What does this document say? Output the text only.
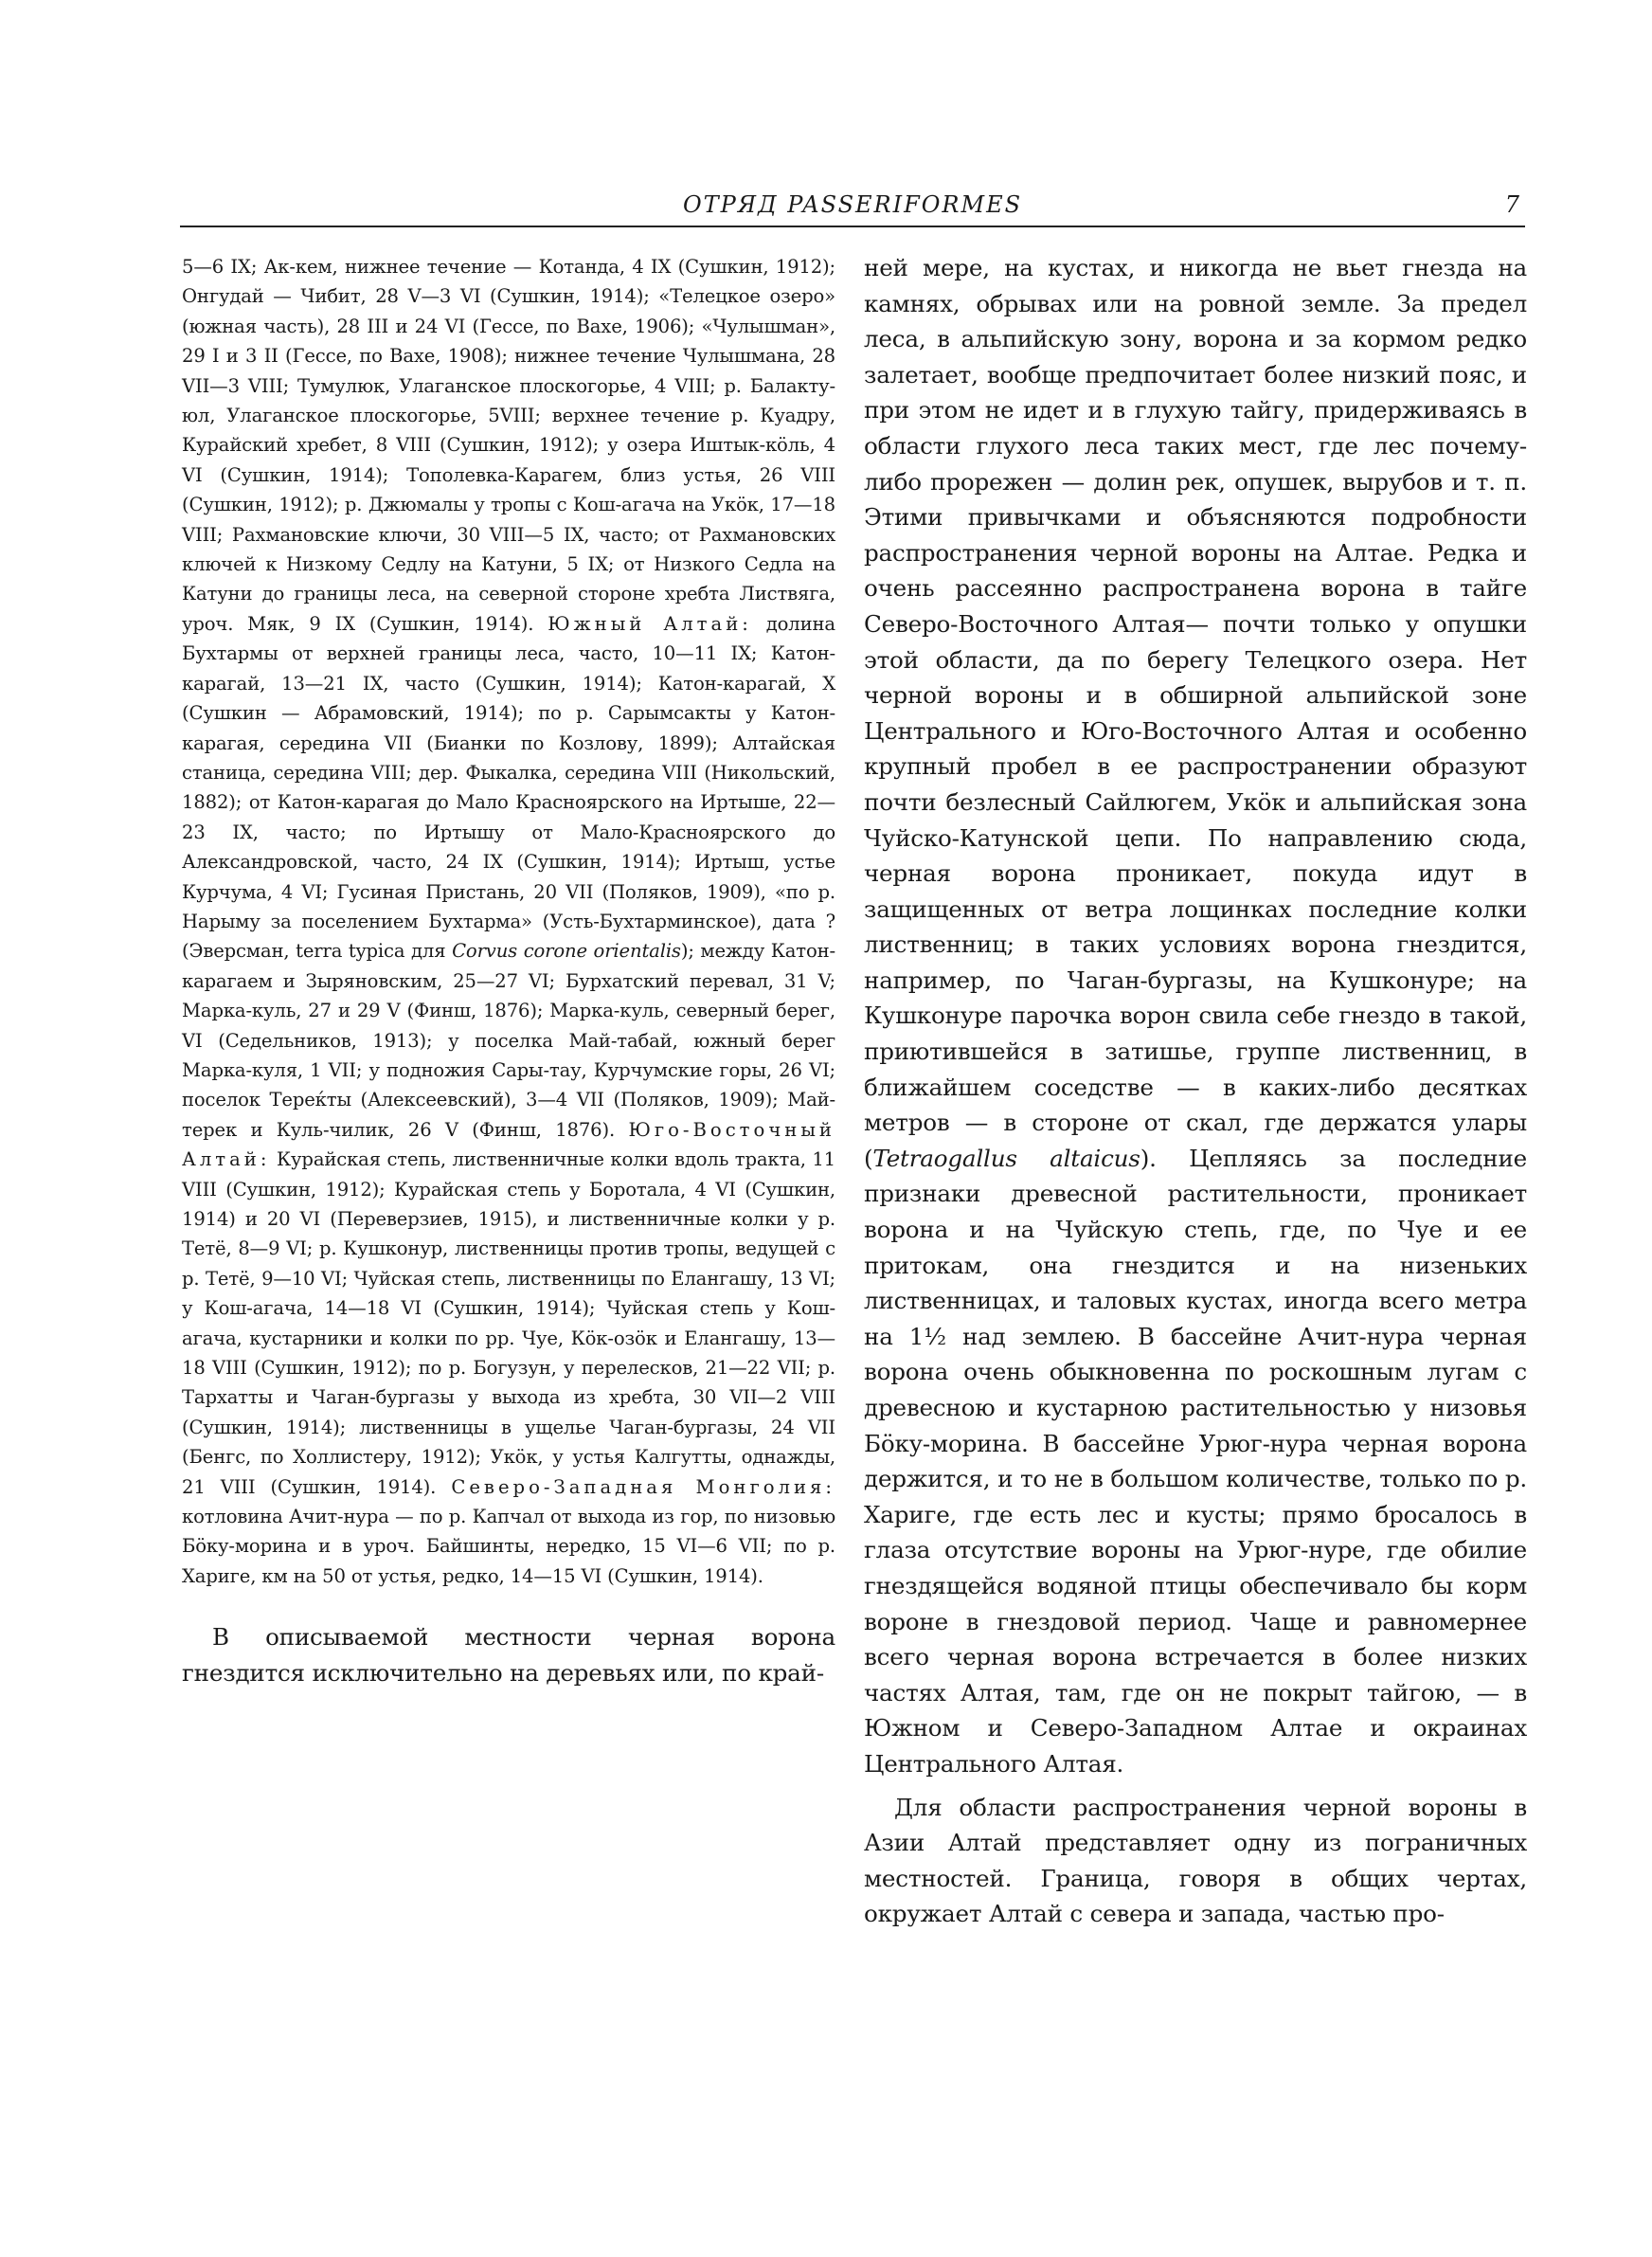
ОТРЯД PASSERIFORMES	7

5—6 IX; Ак-кем, нижнее течение — Котанда, 4 IX (Сушкин, 1912); Онгудай — Чибит, 28 V—3 VI (Сушкин, 1914); «Телецкое озеро» (южная часть), 28 III и 24 VI (Гессе, по Вахе, 1906); «Чулышман», 29 I и 3 II (Гессе, по Вахе, 1908); нижнее течение Чулышмана, 28 VII—3 VIII; Тумулюк, Улаганское плоскогорье, 4 VIII; р. Балакту-юл, Улаганское плоскогорье, 5VIII; верхнее течение р. Куадру, Курайский хребет, 8 VIII (Сушкин, 1912); у озера Иштык-кӧль, 4 VI (Сушкин, 1914); Тополевка-Карагем, близ устья, 26 VIII (Сушкин, 1912); р. Джюмалы у тропы с Кош-агача на Укӧк, 17—18 VIII; Рахмановские ключи, 30 VIII—5 IX, часто; от Рахмановских ключей к Низкому Седлу на Катуни, 5 IX; от Низкого Седла на Катуни до границы леса, на северной стороне хребта Листвяга, уроч. Мяк, 9 IX (Сушкин, 1914). Южный Алтай: долина Бухтармы от верхней границы леса, часто, 10—11 IX; Катон-карагай, 13—21 IX, часто (Сушкин, 1914); Катон-карагай, X (Сушкин — Абрамовский, 1914); по р. Сарымсакты у Катон-карагая, середина VII (Бианки по Козлову, 1899); Алтайская станица, середина VIII; дер. Фыкалка, середина VIII (Никольский, 1882); от Катон-карагая до Мало Красноярского на Иртыше, 22—23 IX, часто; по Иртышу от Мало-Красноярского до Александровской, часто, 24 IX (Сушкин, 1914); Иртыш, устье Курчума, 4 VI; Гусиная Пристань, 20 VII (Поляков, 1909), «по р. Нарыму за поселением Бухтарма» (Усть-Бухтарминское), дата ? (Эверсман, terra typica для Corvus corone orientalis); между Катон-карагаем и Зыряновским, 25—27 VI; Бурхатский перевал, 31 V; Марка-куль, 27 и 29 V (Финш, 1876); Марка-куль, северный берег, VI (Седельников, 1913); у поселка Май-табай, южный берег Марка-куля, 1 VII; у подножия Сары-тау, Курчумские горы, 26 VI; поселок Тереќты (Алексеевский), 3—4 VII (Поляков, 1909); Май-терек и Куль-чилик, 26 V (Финш, 1876). Юго-Восточный Алтай: Курайская степь, лиственничные колки вдоль тракта, 11 VIII (Сушкин, 1912); Курайская степь у Боротала, 4 VI (Сушкин, 1914) и 20 VI (Переверзиев, 1915), и лиственничные колки у р. Тетё, 8—9 VI; р. Кушконур, лиственницы против тропы, ведущей с р. Тетё, 9—10 VI; Чуйская степь, лиственницы по Елангашу, 13 VI; у Кош-агача, 14—18 VI (Сушкин, 1914); Чуйская степь у Кош-агача, кустарники и колки по рр. Чуе, Кӧк-озӧк и Елангашу, 13—18 VIII (Сушкин, 1912); по р. Богузун, у перелесков, 21—22 VII; р. Тархатты и Чаган-бургазы у выхода из хребта, 30 VII—2 VIII (Сушкин, 1914); лиственницы в ущелье Чаган-бургазы, 24 VII (Бенгс, по Холлистеру, 1912); Укӧк, у устья Калгутты, однажды, 21 VIII (Сушкин, 1914). Северо-Западная Монголия: котловина Ачит-нура — по р. Капчал от выхода из гор, по низовью Бӧку-морина и в уроч. Байшинты, нередко, 15 VI—6 VII; по р. Хариге, км на 50 от устья, редко, 14—15 VI (Сушкин, 1914).

В описываемой местности черная ворона гнездится исключительно на деревьях или, по край-

ней мере, на кустах, и никогда не вьет гнезда на камнях, обрывах или на ровной земле. За предел леса, в альпийскую зону, ворона и за кормом редко залетает, вообще предпочитает более низкий пояс, и при этом не идет и в глухую тайгу, придерживаясь в области глухого леса таких мест, где лес почему-либо прорежен — долин рек, опушек, вырубов и т. п. Этими привычками и объясняются подробности распространения черной вороны на Алтае. Редка и очень рассеянно распространена ворона в тайге Северо-Восточного Алтая— почти только у опушки этой области, да по берегу Телецкого озера. Нет черной вороны и в обширной альпийской зоне Центрального и Юго-Восточного Алтая и особенно крупный пробел в ее распространении образуют почти безлесный Сайлюгем, Укӧк и альпийская зона Чуйско-Катунской цепи. По направлению сюда, черная ворона проникает, покуда идут в защищенных от ветра лощинках последние колки лиственниц; в таких условиях ворона гнездится, например, по Чаган-бургазы, на Кушконуре; на Кушконуре парочка ворон свила себе гнездо в такой, приютившейся в затишье, группе лиственниц, в ближайшем соседстве — в каких-либо десятках метров — в стороне от скал, где держатся улары (Tetraogallus altaicus). Цепляясь за последние признаки древесной растительности, проникает ворона и на Чуйскую степь, где, по Чуе и ее притокам, она гнездится и на низеньких лиственницах, и таловых кустах, иногда всего метра на 1½ над землею. В бассейне Ачит-нура черная ворона очень обыкновенна по роскошным лугам с древесною и кустарною растительностью у низовья Бӧку-морина. В бассейне Урюг-нура черная ворона держится, и то не в большом количестве, только по р. Хариге, где есть лес и кусты; прямо бросалось в глаза отсутствие вороны на Урюг-нуре, где обилие гнездящейся водяной птицы обеспечивало бы корм вороне в гнездовой период. Чаще и равномернее всего черная ворона встречается в более низких частях Алтая, там, где он не покрыт тайгою, — в Южном и Северо-Западном Алтае и окраинах Центрального Алтая.

Для области распространения черной вороны в Азии Алтай представляет одну из пограничных местностей. Граница, говоря в общих чертах, окружает Алтай с севера и запада, частью про-
